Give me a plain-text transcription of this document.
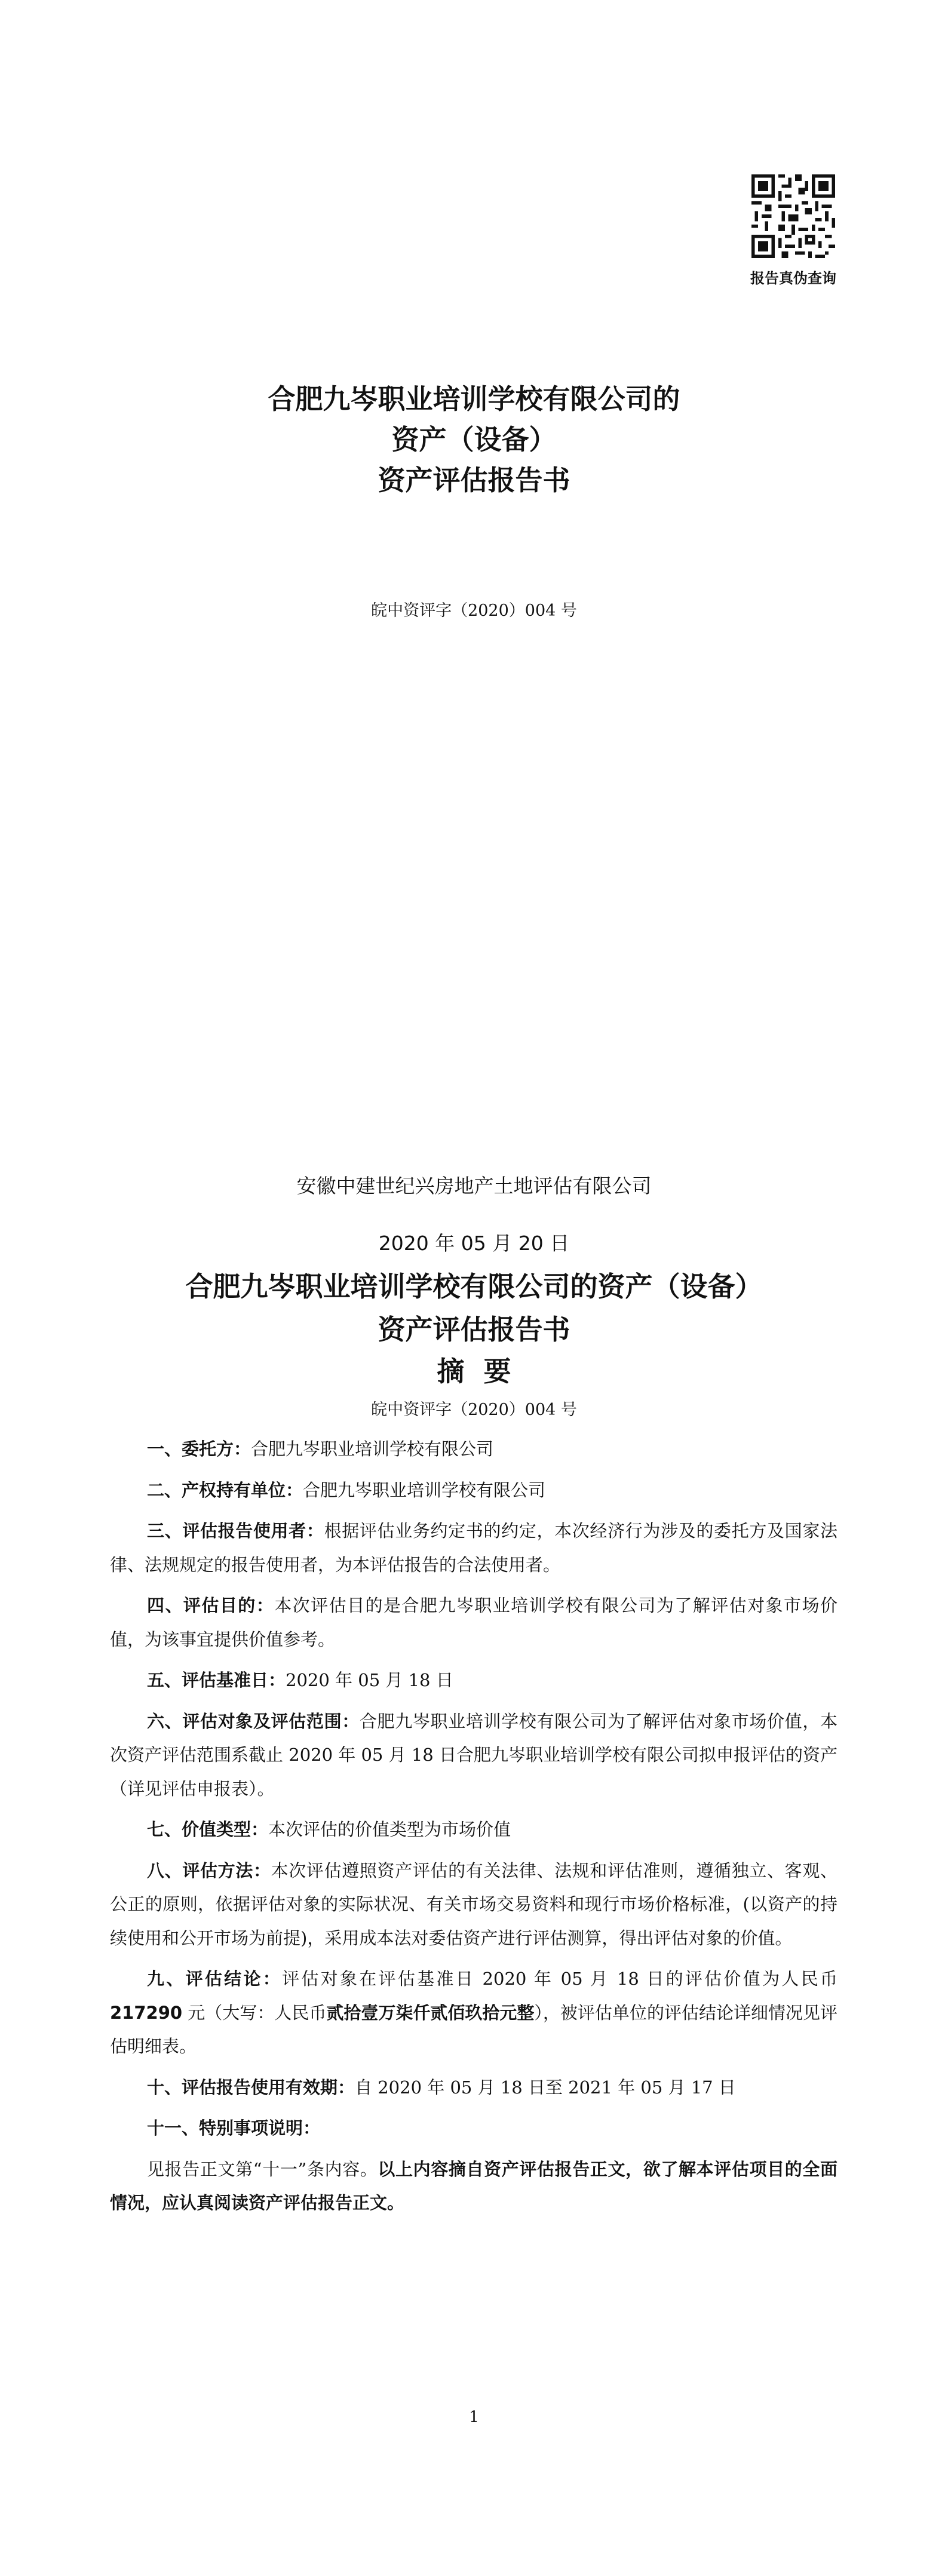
报告真伪查询
合肥九岑职业培训学校有限公司的
资产（设备）
资产评估报告书
皖中资评字（2020）004 号
安徽中建世纪兴房地产土地评估有限公司
2020 年 05 月 20 日
合肥九岑职业培训学校有限公司的资产（设备）
资产评估报告书
摘  要
皖中资评字（2020）004 号

一、委托方：合肥九岑职业培训学校有限公司

二、产权持有单位：合肥九岑职业培训学校有限公司

三、评估报告使用者：根据评估业务约定书的约定，本次经济行为涉及的委托方及国家法律、法规规定的报告使用者，为本评估报告的合法使用者。

四、评估目的：本次评估目的是合肥九岑职业培训学校有限公司为了解评估对象市场价值，为该事宜提供价值参考。

五、评估基准日：2020 年 05 月 18 日

六、评估对象及评估范围：合肥九岑职业培训学校有限公司为了解评估对象市场价值，本次资产评估范围系截止 2020 年 05 月 18 日合肥九岑职业培训学校有限公司拟申报评估的资产（详见评估申报表）。

七、价值类型：本次评估的价值类型为市场价值

八、评估方法：本次评估遵照资产评估的有关法律、法规和评估准则，遵循独立、客观、公正的原则，依据评估对象的实际状况、有关市场交易资料和现行市场价格标准，(以资产的持续使用和公开市场为前提)，采用成本法对委估资产进行评估测算，得出评估对象的价值。

九、评估结论：评估对象在评估基准日 2020 年 05 月 18 日的评估价值为人民币 217290 元（大写：人民币贰拾壹万柒仟贰佰玖拾元整），被评估单位的评估结论详细情况见评估明细表。

十、评估报告使用有效期：自 2020 年 05 月 18 日至 2021 年 05 月 17 日

十一、特别事项说明：

见报告正文第“十一”条内容。以上内容摘自资产评估报告正文，欲了解本评估项目的全面情况，应认真阅读资产评估报告正文。

1
